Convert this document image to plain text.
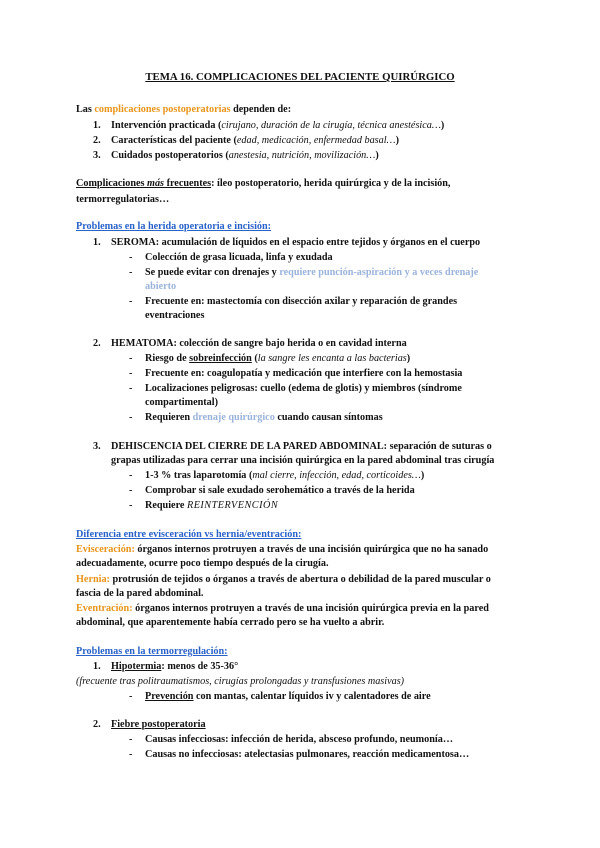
TEMA 16. COMPLICACIONES DEL PACIENTE QUIRÚRGICO
Las complicaciones postoperatorias dependen de:
1. Intervención practicada (cirujano, duración de la cirugía, técnica anestésica…)
2. Características del paciente (edad, medicación, enfermedad basal…)
3. Cuidados postoperatorios (anestesia, nutrición, movilización…)
Complicaciones más frecuentes: íleo postoperatorio, herida quirúrgica y de la incisión,
termorregulatorias…
Problemas en la herida operatoria e incisión:
1. SEROMA: acumulación de líquidos en el espacio entre tejidos y órganos en el cuerpo
- Colección de grasa licuada, linfa y exudada
- Se puede evitar con drenajes y requiere punción-aspiración y a veces drenaje
abierto
- Frecuente en: mastectomía con disección axilar y reparación de grandes
eventraciones
2. HEMATOMA: colección de sangre bajo herida o en cavidad interna
- Riesgo de sobreinfección (la sangre les encanta a las bacterias)
- Frecuente en: coagulopatía y medicación que interfiere con la hemostasia
- Localizaciones peligrosas: cuello (edema de glotis) y miembros (síndrome
compartimental)
- Requieren drenaje quirúrgico cuando causan síntomas
3. DEHISCENCIA DEL CIERRE DE LA PARED ABDOMINAL: separación de suturas o
grapas utilizadas para cerrar una incisión quirúrgica en la pared abdominal tras cirugía
- 1-3 % tras laparotomía (mal cierre, infección, edad, corticoides…)
- Comprobar si sale exudado serohemático a través de la herida
- Requiere REINTERVENCIÓN
Diferencia entre evisceración vs hernia/eventración:
Evisceración: órganos internos protruyen a través de una incisión quirúrgica que no ha sanado
adecuadamente, ocurre poco tiempo después de la cirugía.
Hernia: protrusión de tejidos o órganos a través de abertura o debilidad de la pared muscular o
fascia de la pared abdominal.
Eventración: órganos internos protruyen a través de una incisión quirúrgica previa en la pared
abdominal, que aparentemente había cerrado pero se ha vuelto a abrir.
Problemas en la termorregulación:
1. Hipotermia: menos de 35-36°
(frecuente tras politraumatismos, cirugías prolongadas y transfusiones masivas)
- Prevención con mantas, calentar líquidos iv y calentadores de aire
2. Fiebre postoperatoria
- Causas infecciosas: infección de herida, absceso profundo, neumonía…
- Causas no infecciosas: atelectasias pulmonares, reacción medicamentosa…
